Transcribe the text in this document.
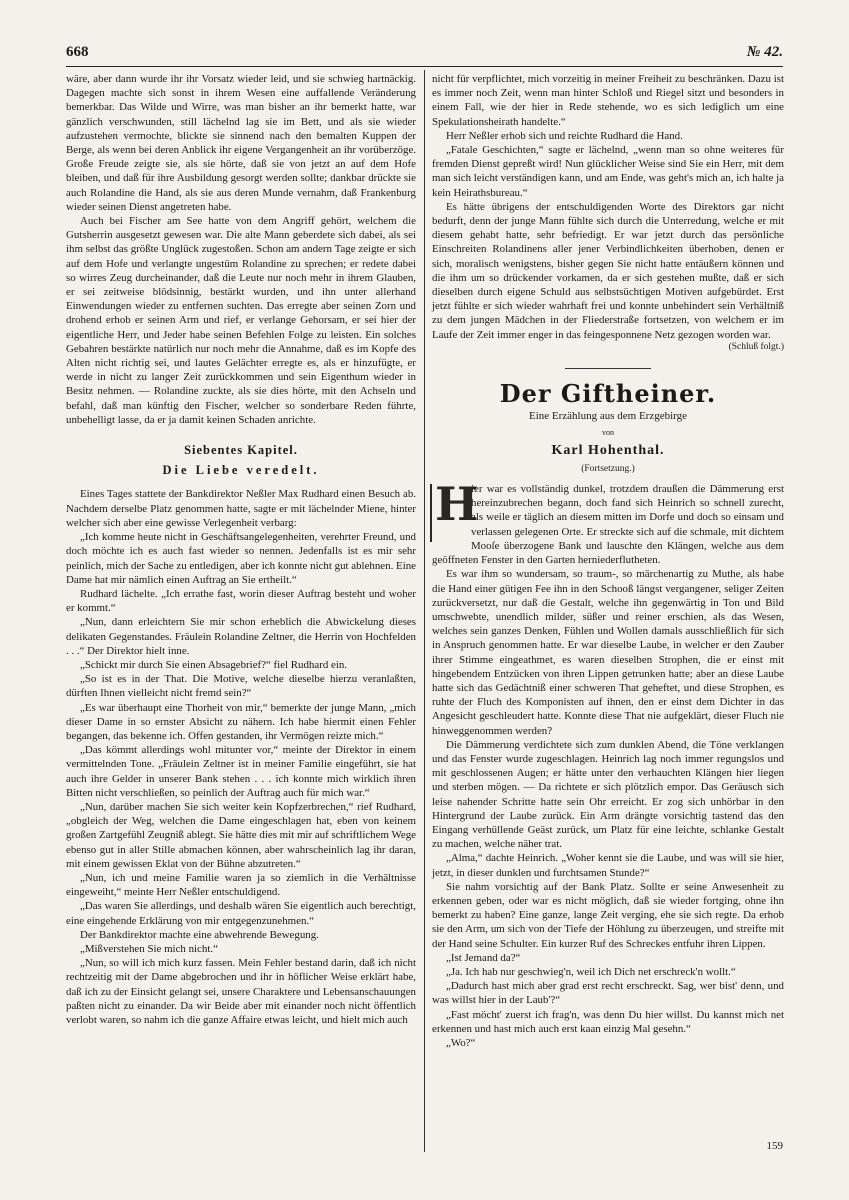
668	№ 42.

wäre, aber dann wurde ihr ihr Vorsatz wieder leid, und sie schwieg hartnäckig. Dagegen machte sich sonst in ihrem Wesen eine auffallende Veränderung bemerkbar. Das Wilde und Wirre, was man bisher an ihr bemerkt hatte, war gänzlich verschwunden, still lächelnd lag sie im Bett, und als sie wieder aufzustehen vermochte, blickte sie sinnend nach den bemalten Kuppen der Berge, als wenn bei deren Anblick ihr eigene Vergangenheit an ihr vorüberzöge. Große Freude zeigte sie, als sie hörte, daß sie von jetzt an auf dem Hofe bleiben, und daß für ihre Ausbildung gesorgt werden sollte; dankbar drückte sie auch Rolandine die Hand, als sie aus deren Munde vernahm, daß Frankenburg wieder seinen Dienst angetreten habe.

Auch bei Fischer am See hatte von dem Angriff gehört, welchem die Gutsherrin ausgesetzt gewesen war. Die alte Mann geberdete sich dabei, als sei ihm selbst das größte Unglück zugestoßen. Schon am andern Tage zeigte er sich auf dem Hofe und verlangte ungestüm Rolandine zu sprechen; er redete dabei so wirres Zeug durcheinander, daß die Leute nur noch mehr in ihrem Glauben, er sei zeitweise blödsinnig, bestärkt wurden, und ihn unter allerhand Einwendungen wieder zu entfernen suchten. Das erregte aber seinen Zorn und drohend erhob er seinen Arm und rief, er verlange Gehorsam, er sei hier der eigentliche Herr, und Jeder habe seinen Befehlen Folge zu leisten. Ein solches Gebahren bestärkte natürlich nur noch mehr die Annahme, daß es im Kopfe des Alten nicht richtig sei, und lautes Gelächter erregte es, als er hinzufügte, er werde in nicht zu langer Zeit zurückkommen und sein Eigenthum wieder in Besitz nehmen. — Rolandine zuckte, als sie dies hörte, mit den Achseln und befahl, daß man künftig den Fischer, welcher so sonderbare Reden führte, unbehelligt lasse, da er ja damit keinen Schaden anrichte.

Siebentes Kapitel.
Die Liebe veredelt.

Eines Tages stattete der Bankdirektor Neßler Max Rudhard einen Besuch ab. Nachdem derselbe Platz genommen hatte, sagte er mit lächelnder Miene, hinter welcher sich aber eine gewisse Verlegenheit verbarg:

„Ich komme heute nicht in Geschäftsangelegenheiten, verehrter Freund, und doch möchte ich es auch fast wieder so nennen. Jedenfalls ist es mir sehr peinlich, mich der Sache zu entledigen, aber ich konnte nicht gut ablehnen. Eine Dame hat mir nämlich einen Auftrag an Sie ertheilt.“

Rudhard lächelte. „Ich errathe fast, worin dieser Auftrag besteht und woher er kommt.“

„Nun, dann erleichtern Sie mir schon erheblich die Abwickelung dieses delikaten Gegenstandes. Fräulein Rolandine Zeltner, die Herrin von Hochfelden . . .“ Der Direktor hielt inne.

„Schickt mir durch Sie einen Absagebrief?“ fiel Rudhard ein.

„So ist es in der That. Die Motive, welche dieselbe hierzu veranlaßten, dürften Ihnen vielleicht nicht fremd sein?“

„Es war überhaupt eine Thorheit von mir,“ bemerkte der junge Mann, „mich dieser Dame in so ernster Absicht zu nähern. Ich habe hiermit einen Fehler begangen, das bekenne ich. Offen gestanden, ihr Vermögen reizte mich.“

„Das kömmt allerdings wohl mitunter vor,“ meinte der Direktor in einem vermittelnden Tone. „Fräulein Zeltner ist in meiner Familie eingeführt, sie hat auch ihre Gelder in unserer Bank stehen . . . ich konnte mich wirklich ihren Bitten nicht verschließen, so peinlich der Auftrag auch für mich war.“

„Nun, darüber machen Sie sich weiter kein Kopfzerbrechen,“ rief Rudhard, „obgleich der Weg, welchen die Dame eingeschlagen hat, eben von keinem großen Zartgefühl Zeugniß ablegt. Sie hätte dies mit mir auf schriftlichem Wege ebenso gut in aller Stille abmachen können, aber wahrscheinlich lag ihr daran, mit einem gewissen Eklat von der Bühne abzutreten.“

„Nun, ich und meine Familie waren ja so ziemlich in die Verhältnisse eingeweiht,“ meinte Herr Neßler entschuldigend.

„Das waren Sie allerdings, und deshalb wären Sie eigentlich auch berechtigt, eine eingehende Erklärung von mir entgegenzunehmen.“

Der Bankdirektor machte eine abwehrende Bewegung.

„Mißverstehen Sie mich nicht.“

„Nun, so will ich mich kurz fassen. Mein Fehler bestand darin, daß ich nicht rechtzeitig mit der Dame abgebrochen und ihr in höflicher Weise erklärt habe, daß ich zu der Einsicht gelangt sei, unsere Charaktere und Lebensanschauungen paßten nicht zu einander. Da wir Beide aber mit einander noch nicht öffentlich verlobt waren, so nahm ich die ganze Affaire etwas leicht, und hielt mich auch

nicht für verpflichtet, mich vorzeitig in meiner Freiheit zu beschränken. Dazu ist es immer noch Zeit, wenn man hinter Schloß und Riegel sitzt und besonders in einem Fall, wie der hier in Rede stehende, wo es sich lediglich um eine Spekulationsheirath handelte.“

Herr Neßler erhob sich und reichte Rudhard die Hand.

„Fatale Geschichten,“ sagte er lächelnd, „wenn man so ohne weiteres für fremden Dienst gepreßt wird! Nun glücklicher Weise sind Sie ein Herr, mit dem man sich leicht verständigen kann, und am Ende, was geht's mich an, ich halte ja kein Heirathsbureau.“

Es hätte übrigens der entschuldigenden Worte des Direktors gar nicht bedurft, denn der junge Mann fühlte sich durch die Unterredung, welche er mit diesem gehabt hatte, sehr befriedigt. Er war jetzt durch das persönliche Einschreiten Rolandinens aller jener Verbindlichkeiten überhoben, denen er sich, moralisch wenigstens, bisher gegen Sie nicht hatte entäußern können und die ihm um so drückender vorkamen, da er sich gestehen mußte, daß er sich dieselben durch eigene Schuld aus selbstsüchtigen Motiven aufgebürdet. Erst jetzt fühlte er sich wieder wahrhaft frei und konnte unbehindert sein Verhältniß zu dem jungen Mädchen in der Fliederstraße fortsetzen, von welchem er im Laufe der Zeit immer enger in das feingesponnene Netz gezogen worden war.

(Schluß folgt.)
Der Giftheiner.
Eine Erzählung aus dem Erzgebirge
von
Karl Hohenthal.
(Fortsetzung.)

H
ier war es vollständig dunkel, trotzdem draußen die Dämmerung erst hereinzubrechen begann, doch fand sich Heinrich so schnell zurecht, als weile er täglich an diesem mitten im Dorfe und doch so einsam und verlassen gelegenen Orte. Er streckte sich auf die schmale, mit dichtem Mooſe überzogene Bank und lauschte den Klängen, welche aus dem geöffneten Fenster in den Garten herniederflutheten.

Es war ihm so wundersam, so traum-, so märchenartig zu Muthe, als habe die Hand einer gütigen Fee ihn in den Schooß längst vergangener, seliger Zeiten zurückversetzt, nur daß die Gestalt, welche ihn gegenwärtig in Ton und Bild umschwebte, unendlich milder, süßer und reiner erschien, als das Wesen, welches sein ganzes Denken, Fühlen und Wollen damals ausschließlich für sich in Anspruch genommen hatte. Er war dieselbe Laube, in welcher er den Zauber ihrer Stimme eingeathmet, es waren dieselben Strophen, die er einst mit hingebendem Entzücken von ihren Lippen getrunken hatte; aber an diese Laube hatte sich das Gedächtniß einer schweren That geheftet, und diese Strophen, es ruhte der Fluch des Komponisten auf ihnen, den er einst dem Dichter in das Angesicht geschleudert hatte. Konnte diese That nie aufgeklärt, dieser Fluch nie hinweggenommen werden?

Die Dämmerung verdichtete sich zum dunklen Abend, die Töne verklangen und das Fenster wurde zugeschlagen. Heinrich lag noch immer regungslos und mit geschlossenen Augen; er hätte unter den verhauchten Klängen hier liegen und sterben mögen. — Da richtete er sich plötzlich empor. Das Geräusch sich leise nahender Schritte hatte sein Ohr erreicht. Er zog sich unhörbar in den Hintergrund der Laube zurück. Ein Arm drängte vorsichtig tastend das den Eingang verhüllende Geäst zurück, um Platz für eine leichte, schlanke Gestalt zu machen, welche näher trat.

„Alma,“ dachte Heinrich. „Woher kennt sie die Laube, und was will sie hier, jetzt, in dieser dunklen und furchtsamen Stunde?“

Sie nahm vorsichtig auf der Bank Platz. Sollte er seine Anwesenheit zu erkennen geben, oder war es nicht möglich, daß sie wieder fortging, ohne ihn bemerkt zu haben? Eine ganze, lange Zeit verging, ehe sie sich regte. Da erhob sie den Arm, um sich von der Tiefe der Höhlung zu überzeugen, und streifte mit der Hand seine Schulter. Ein kurzer Ruf des Schreckes entfuhr ihren Lippen.

„Ist Jemand da?“

„Ja. Ich hab nur geschwieg'n, weil ich Dich net erschreck'n wollt.“

„Dadurch hast mich aber grad erst recht erschreckt. Sag, wer bist' denn, und was willst hier in der Laub'?“

„Fast möcht' zuerst ich frag'n, was denn Du hier willst. Du kannst mich net erkennen und hast mich auch erst kaan einzig Mal gesehn.“

„Wo?“

159
